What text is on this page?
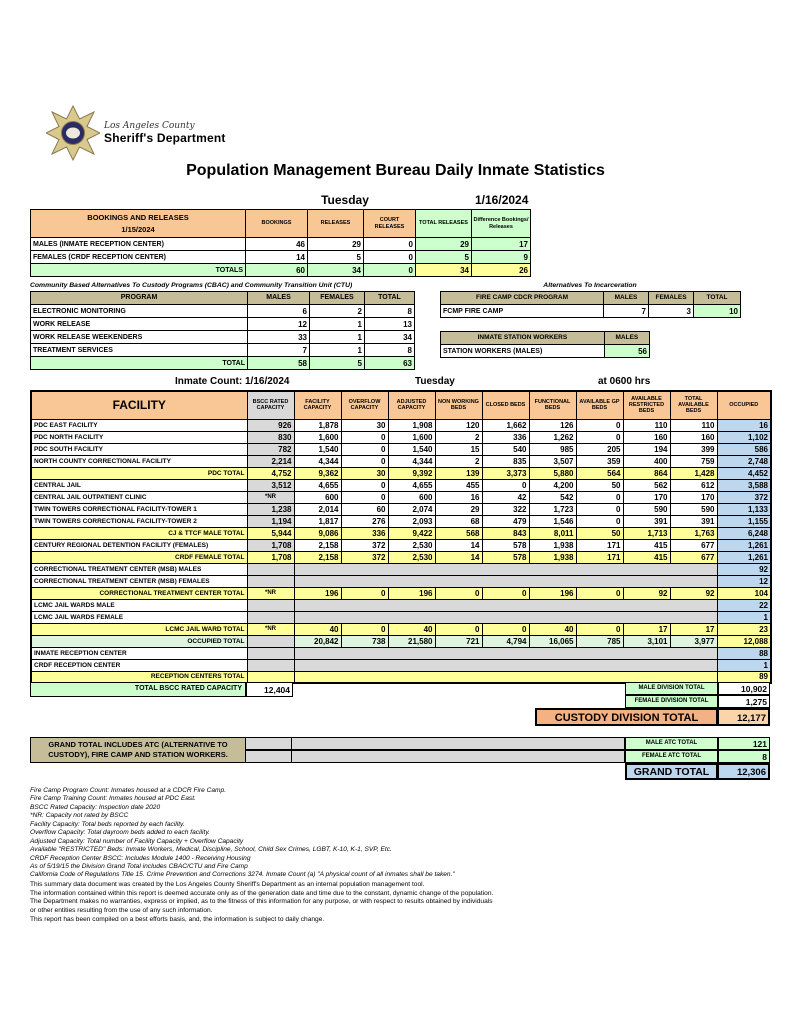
Los Angeles County
Sheriff's Department
Population Management Bureau Daily Inmate Statistics
Tuesday	1/16/2024
BOOKINGS AND RELEASES
1/15/2024	BOOKINGS	RELEASES	COURT RELEASES	TOTAL RELEASES	Difference Bookings/ Releases
MALES (INMATE RECEPTION CENTER)	46	29	0	29	17
FEMALES (CRDF RECEPTION CENTER)	14	5	0	5	9
TOTALS	60	34	0	34	26
Community Based Alternatives To Custody Programs (CBAC) and Community Transition Unit (CTU)
PROGRAM	MALES	FEMALES	TOTAL
ELECTRONIC MONITORING	6	2	8
WORK RELEASE	12	1	13
WORK RELEASE WEEKENDERS	33	1	34
TREATMENT SERVICES	7	1	8
TOTAL	58	5	63
Alternatives To Incarceration
FIRE CAMP CDCR PROGRAM	MALES	FEMALES	TOTAL
FCMP FIRE CAMP	7	3	10
INMATE STATION WORKERS	MALES
STATION WORKERS (MALES)	56
Inmate Count: 1/16/2024	Tuesday	at 0600 hrs
FACILITY	BSCC RATED CAPACITY	FACILITY CAPACITY	OVERFLOW CAPACITY	ADJUSTED CAPACITY	NON WORKING BEDS	CLOSED BEDS	FUNCTIONAL BEDS	AVAILABLE GP BEDS	AVAILABLE RESTRICTED BEDS	TOTAL AVAILABLE BEDS	OCCUPIED
PDC EAST FACILITY	926	1,878	30	1,908	120	1,662	126	0	110	110	16
PDC NORTH FACILITY	830	1,600	0	1,600	2	336	1,262	0	160	160	1,102
PDC SOUTH FACILITY	782	1,540	0	1,540	15	540	985	205	194	399	586
NORTH COUNTY CORRECTIONAL FACILITY	2,214	4,344	0	4,344	2	835	3,507	359	400	759	2,748
PDC TOTAL	4,752	9,362	30	9,392	139	3,373	5,880	564	864	1,428	4,452
CENTRAL JAIL	3,512	4,655	0	4,655	455	0	4,200	50	562	612	3,588
CENTRAL JAIL OUTPATIENT CLINIC	*NR	600	0	600	16	42	542	0	170	170	372
TWIN TOWERS CORRECTIONAL FACILITY-TOWER 1	1,238	2,014	60	2,074	29	322	1,723	0	590	590	1,133
TWIN TOWERS CORRECTIONAL FACILITY-TOWER 2	1,194	1,817	276	2,093	68	479	1,546	0	391	391	1,155
CJ & TTCF MALE TOTAL	5,944	9,086	336	9,422	568	843	8,011	50	1,713	1,763	6,248
CENTURY REGIONAL DETENTION FACILITY (FEMALES)	1,708	2,158	372	2,530	14	578	1,938	171	415	677	1,261
CRDF FEMALE TOTAL	1,708	2,158	372	2,530	14	578	1,938	171	415	677	1,261
CORRECTIONAL TREATMENT CENTER (MSB) MALES											92
CORRECTIONAL TREATMENT CENTER (MSB) FEMALES											12
CORRECTIONAL TREATMENT CENTER TOTAL	*NR	196	0	196	0	0	196	0	92	92	104
LCMC JAIL WARDS MALE											22
LCMC JAIL WARDS FEMALE											1
LCMC JAIL WARD TOTAL	*NR	40	0	40	0	0	40	0	17	17	23
OCCUPIED TOTAL		20,842	738	21,580	721	4,794	16,065	785	3,101	3,977	12,088
INMATE RECEPTION CENTER											88
CRDF RECEPTION CENTER											1
RECEPTION CENTERS TOTAL											89
TOTAL BSCC RATED CAPACITY	12,404	MALE DIVISION TOTAL	10,902
FEMALE DIVISION TOTAL	1,275
CUSTODY DIVISION TOTAL	12,177
GRAND TOTAL INCLUDES ATC (ALTERNATIVE TO CUSTODY), FIRE CAMP AND STATION WORKERS.
MALE ATC TOTAL	121
FEMALE ATC TOTAL	8
GRAND TOTAL	12,306
Fire Camp Program Count: Inmates housed at a CDCR Fire Camp.
Fire Camp Training Count: Inmates housed at PDC East.
BSCC Rated Capacity: Inspection date 2020
*NR: Capacity not rated by BSCC
Facility Capacity: Total beds reported by each facility.
Overflow Capacity: Total dayroom beds added to each facility.
Adjusted Capacity: Total number of Facility Capacity + Overflow Capacity
Available "RESTRICTED" Beds: Inmate Workers, Medical, Discipline, School, Child Sex Crimes, LGBT, K-10, K-1, SVP, Etc.
CRDF Reception Center BSCC: Includes Module 1400 - Receiving Housing
As of 5/19/15 the Division Grand Total includes CBAC/CTU and Fire Camp
California Code of Regulations Title 15. Crime Prevention and Corrections 3274. Inmate Count (a) "A physical count of all inmates shall be taken."
This summary data document was created by the Los Angeles County Sheriff's Department as an internal population management tool.
The information contained within this report is deemed accurate only as of the generation date and time due to the constant, dynamic change of the population.
The Department makes no warranties, express or implied, as to the fitness of this information for any purpose, or with respect to results obtained by individuals
or other entities resulting from the use of any such information.
This report has been compiled on a best efforts basis, and, the information is subject to daily change.
